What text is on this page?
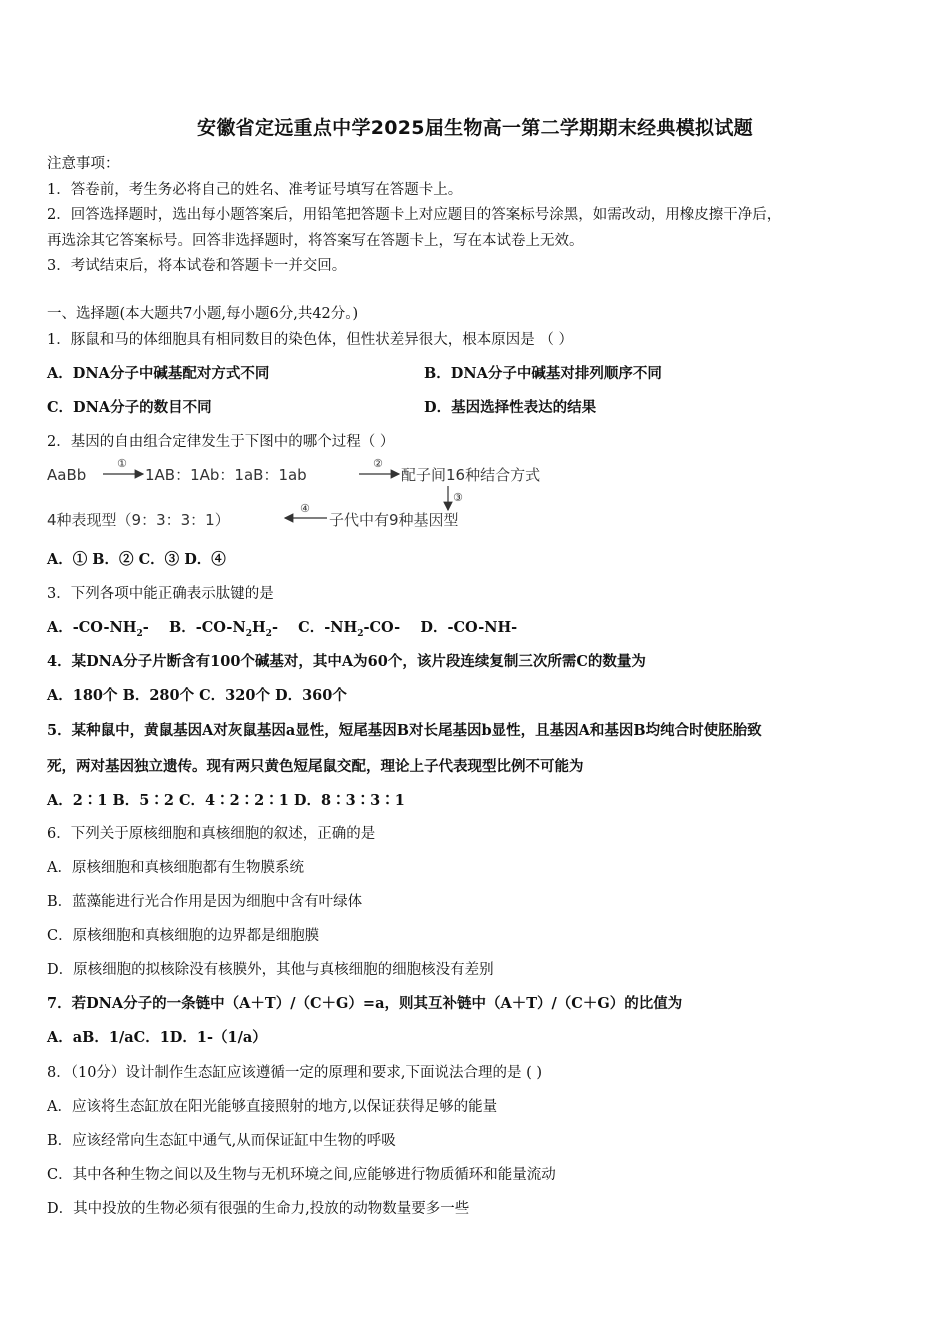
安徽省定远重点中学2025届生物高一第二学期期末经典模拟试题
注意事项：
1．答卷前，考生务必将自己的姓名、准考证号填写在答题卡上。
2．回答选择题时，选出每小题答案后，用铅笔把答题卡上对应题目的答案标号涂黑，如需改动，用橡皮擦干净后，
再选涂其它答案标号。回答非选择题时，将答案写在答题卡上，写在本试卷上无效。
3．考试结束后，将本试卷和答题卡一并交回。
一、选择题(本大题共7小题,每小题6分,共42分。)
1．豚鼠和马的体细胞具有相同数目的染色体，但性状差异很大，根本原因是 （ ）
A．DNA分子中碱基配对方式不同	B．DNA分子中碱基对排列顺序不同
C．DNA分子的数目不同	D．基因选择性表达的结果
2．基因的自由组合定律发生于下图中的哪个过程（ ）
AaBb
①
1AB：1Ab：1aB：1ab
②
配子间16种结合方式
③
4种表现型（9：3：3：1）
④
子代中有9种基因型
A．① B．② C．③ D．④
3．下列各项中能正确表示肽键的是
A．$-CO-NH_2-$ B．$-CO-N_2H_2-$ C．$-NH_2-CO-$ D．-CO-NH-
4．某DNA分子片断含有100个碱基对，其中A为60个，该片段连续复制三次所需C的数量为
A．180个 B．280个 C．320个 D．360个
5．某种鼠中，黄鼠基因A对灰鼠基因a显性，短尾基因B对长尾基因b显性，且基因A和基因B均纯合时使胚胎致
死，两对基因独立遗传。现有两只黄色短尾鼠交配，理论上子代表现型比例不可能为
A．2∶1 B．5∶2 C．4∶2∶2∶1 D．8∶3∶3∶1
6．下列关于原核细胞和真核细胞的叙述，正确的是
A．原核细胞和真核细胞都有生物膜系统
B．蓝藻能进行光合作用是因为细胞中含有叶绿体
C．原核细胞和真核细胞的边界都是细胞膜
D．原核细胞的拟核除没有核膜外，其他与真核细胞的细胞核没有差别
7．若DNA分子的一条链中（A＋T）/（C＋G）=a，则其互补链中（A＋T）/（C＋G）的比值为
A．aB．1/aC．1D．1-（1/a）
8．（10分）设计制作生态缸应该遵循一定的原理和要求,下面说法合理的是 ( )
A．应该将生态缸放在阳光能够直接照射的地方,以保证获得足够的能量
B．应该经常向生态缸中通气,从而保证缸中生物的呼吸
C．其中各种生物之间以及生物与无机环境之间,应能够进行物质循环和能量流动
D．其中投放的生物必须有很强的生命力,投放的动物数量要多一些
